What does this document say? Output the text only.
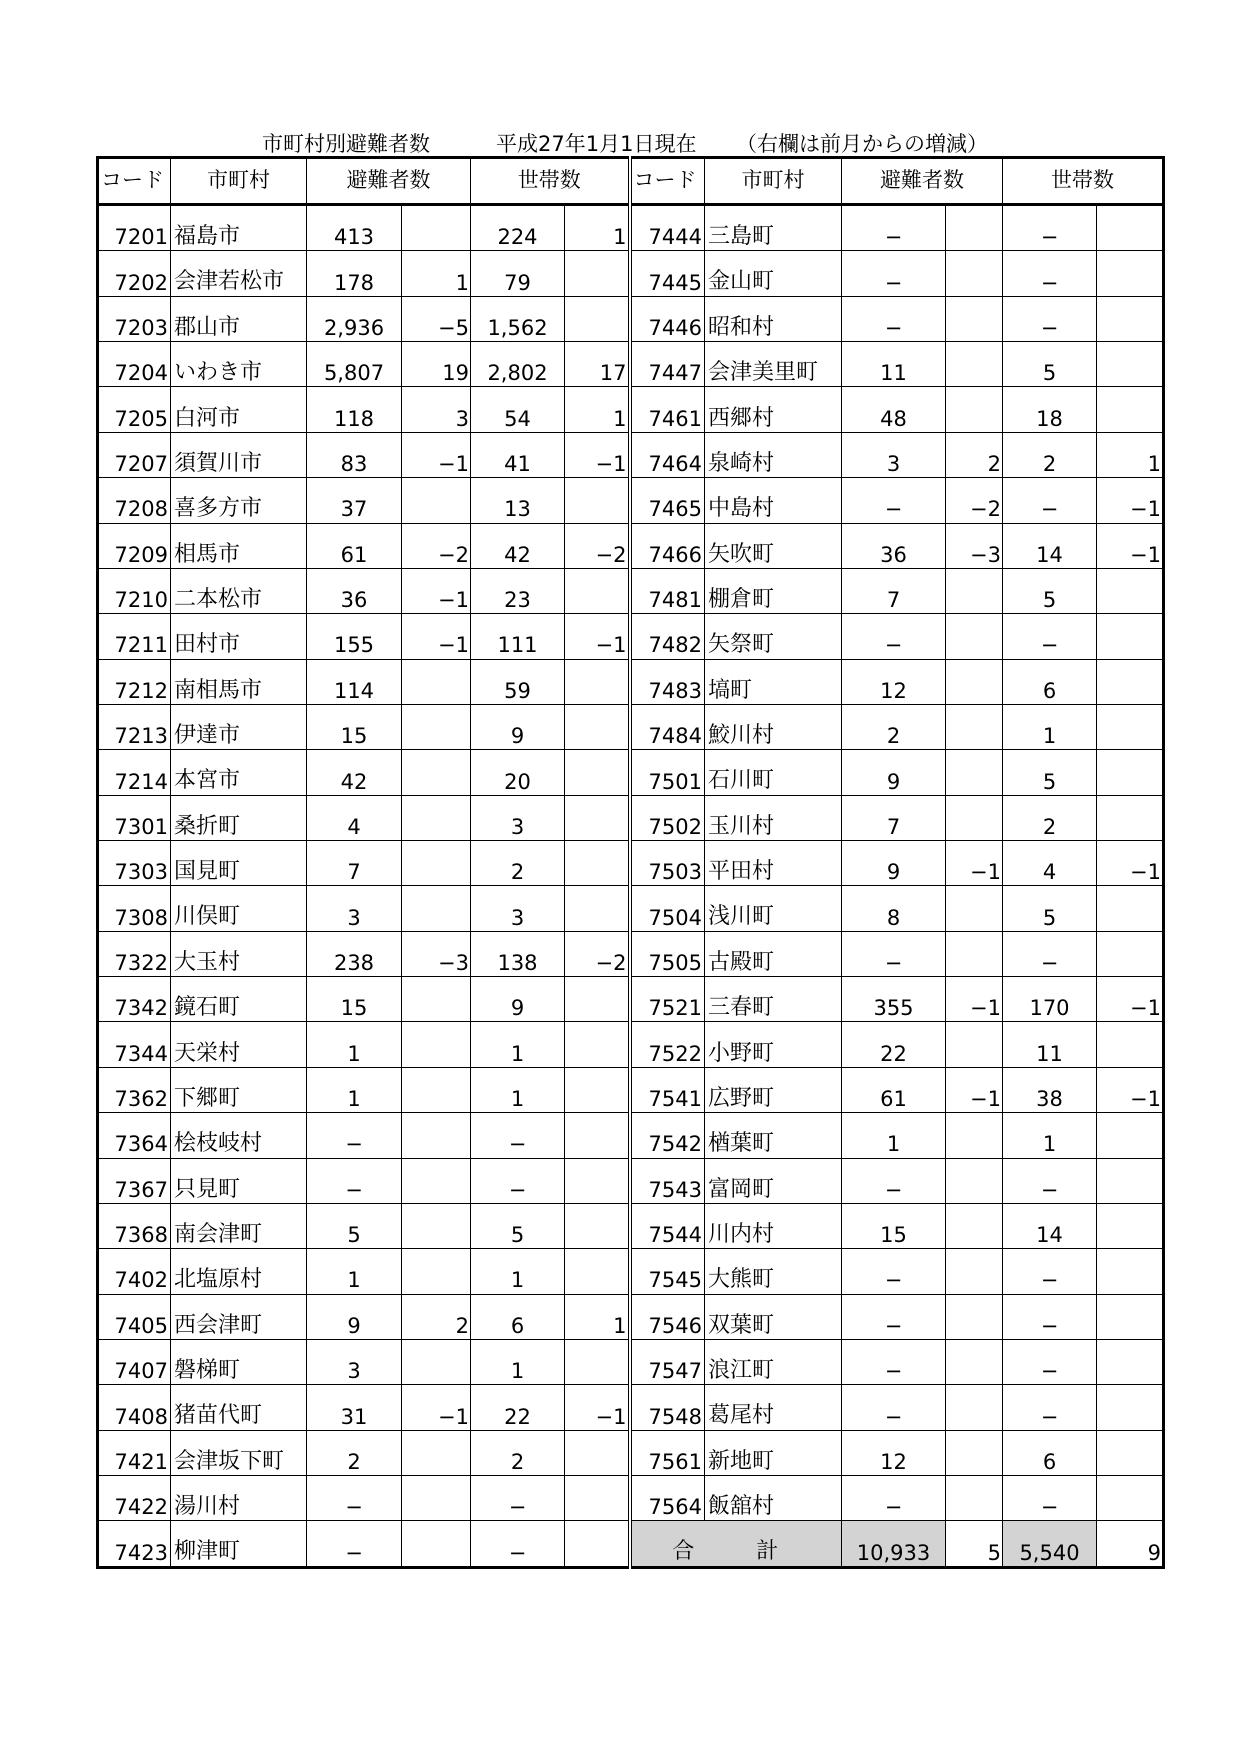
市町村別避難者数	平成27年1月1日現在 （右欄は前月からの増減）
コード	市町村	避難者数		世帯数		コード	市町村	避難者数		世帯数	
7201	福島市	413		224	1	7444	三島町	−		−	
7202	会津若松市	178	1	79		7445	金山町	−		−	
7203	郡山市	2,936	−5	1,562		7446	昭和村	−		−	
7204	いわき市	5,807	19	2,802	17	7447	会津美里町	11		5	
7205	白河市	118	3	54	1	7461	西郷村	48		18	
7207	須賀川市	83	−1	41	−1	7464	泉崎村	3	2	2	1
7208	喜多方市	37		13		7465	中島村	−	−2	−	−1
7209	相馬市	61	−2	42	−2	7466	矢吹町	36	−3	14	−1
7210	二本松市	36	−1	23		7481	棚倉町	7		5	
7211	田村市	155	−1	111	−1	7482	矢祭町	−		−	
7212	南相馬市	114		59		7483	塙町	12		6	
7213	伊達市	15		9		7484	鮫川村	2		1	
7214	本宮市	42		20		7501	石川町	9		5	
7301	桑折町	4		3		7502	玉川村	7		2	
7303	国見町	7		2		7503	平田村	9	−1	4	−1
7308	川俣町	3		3		7504	浅川町	8		5	
7322	大玉村	238	−3	138	−2	7505	古殿町	−		−	
7342	鏡石町	15		9		7521	三春町	355	−1	170	−1
7344	天栄村	1		1		7522	小野町	22		11	
7362	下郷町	1		1		7541	広野町	61	−1	38	−1
7364	桧枝岐村	−		−		7542	楢葉町	1		1	
7367	只見町	−		−		7543	富岡町	−		−	
7368	南会津町	5		5		7544	川内村	15		14	
7402	北塩原村	1		1		7545	大熊町	−		−	
7405	西会津町	9	2	6	1	7546	双葉町	−		−	
7407	磐梯町	3		1		7547	浪江町	−		−	
7408	猪苗代町	31	−1	22	−1	7548	葛尾村	−		−	
7421	会津坂下町	2		2		7561	新地町	12		6	
7422	湯川村	−		−		7564	飯舘村	−		−	
7423	柳津町	−		−		合計		10,933	5	5,540	9
